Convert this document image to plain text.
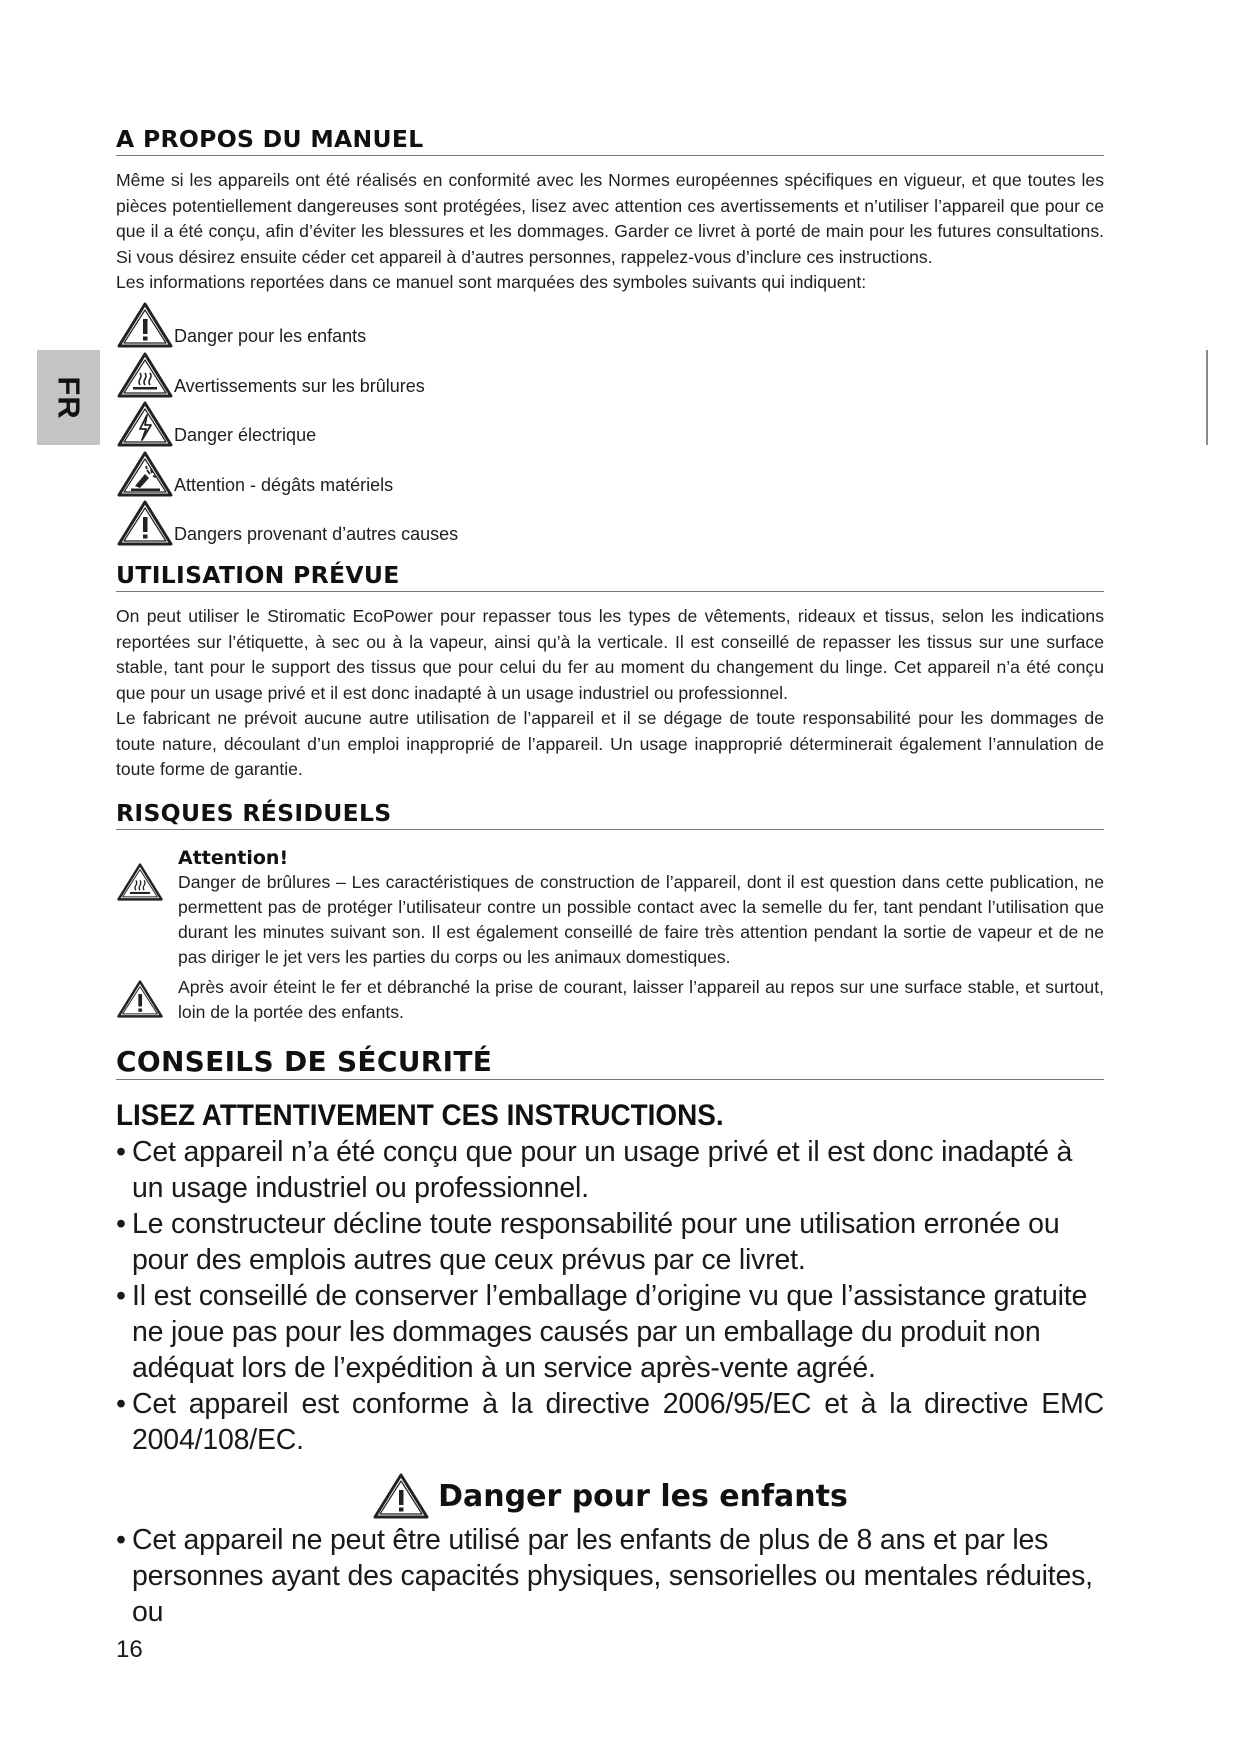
FR
A PROPOS DU MANUEL

Même si les appareils ont été réalisés en conformité avec les Normes européennes spécifiques en vigueur, et que toutes les pièces potentiellement dangereuses sont protégées, lisez avec attention ces avertissements et n’utiliser l’appareil que pour ce que il a été conçu, afin d’éviter les blessures et les dommages. Garder ce livret à porté de main pour les futures consultations. Si vous désirez ensuite céder cet appareil à d’autres personnes, rappelez-vous d’inclure ces instructions.

Les informations reportées dans ce manuel sont marquées des symboles suivants qui indiquent:

Danger pour les enfants
Avertissements sur les brûlures
Danger électrique
Attention - dégâts matériels
Dangers provenant d’autres causes
UTILISATION PRÉVUE

On peut utiliser le Stiromatic EcoPower pour repasser tous les types de vêtements, rideaux et tissus, selon les indications reportées sur l’étiquette, à sec ou à la vapeur, ainsi qu’à la verticale. Il est conseillé de repasser les tissus sur une surface stable, tant pour le support des tissus que pour celui du fer au moment du changement du linge. Cet appareil n’a été conçu que pour un usage privé et il est donc inadapté à un usage industriel ou professionnel.

Le fabricant ne prévoit aucune autre utilisation de l’appareil et il se dégage de toute responsabilité pour les dommages de toute nature, découlant d’un emploi inapproprié de l’appareil. Un usage inapproprié déterminerait également l’annulation de toute forme de garantie.

RISQUES RÉSIDUELS
Attention!

Danger de brûlures – Les caractéristiques de construction de l’appareil, dont il est question dans cette publication, ne permettent pas de protéger l’utilisateur contre un possible contact avec la semelle du fer, tant pendant l’utilisation que durant les minutes suivant son. Il est également conseillé de faire très attention pendant la sortie de vapeur et de ne pas diriger le jet vers les parties du corps ou les animaux domestiques.

Après avoir éteint le fer et débranché la prise de courant, laisser l’appareil au repos sur une surface stable, et surtout, loin de la portée des enfants.

CONSEILS DE SÉCURITÉ
LISEZ ATTENTIVEMENT CES INSTRUCTIONS.
• Cet appareil n’a été conçu que pour un usage privé et il est donc inadapté à un usage industriel ou professionnel.
• Le constructeur décline toute responsabilité pour une utilisation erronée ou pour des emplois autres que ceux prévus par ce livret.
• Il est conseillé de conserver l’emballage d’origine vu que l’assistance gratuite ne joue pas pour les dommages causés par un emballage du produit non adéquat lors de l’expédition à un service après-vente agréé.
• Cet appareil est conforme à la directive 2006/95/EC et à la directive EMC 2004/108/EC.
Danger pour les enfants
• Cet appareil ne peut être utilisé par les enfants de plus de 8 ans et par les personnes ayant des capacités physiques, sensorielles ou mentales réduites, ou
16
